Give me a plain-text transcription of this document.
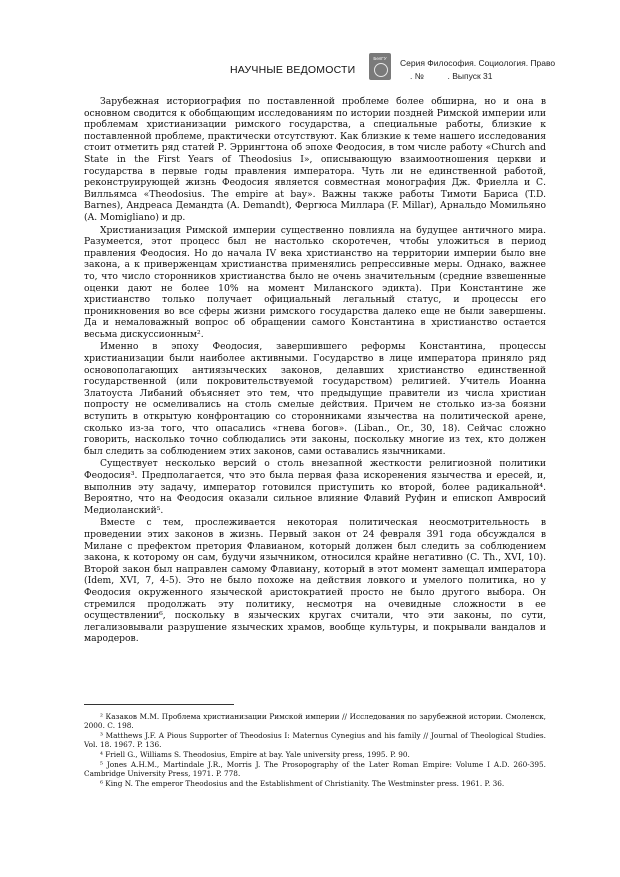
НАУЧНЫЕ ВЕДОМОСТИ
БелГУ	Серия Философия. Социология. Право
. №	. Выпуск 31

Зарубежная историография по поставленной проблеме более обширна, но и она в основном сводится к обобщающим исследованиям по истории поздней Римской империи или проблемам христианизации римского государства, а специальные работы, близкие к поставленной проблеме, практически отсутствуют. Как близкие к теме нашего исследования стоит отметить ряд статей Р. Эррингтона об эпохе Феодосия, в том числе работу «Church and State in the First Years of Theodosius I», описывающую взаимоотношения церкви и государства в первые годы правления императора. Чуть ли не единственной работой, реконструирующей жизнь Феодосия является совместная монография Дж. Фриелла и С. Вилльямса «Theodosius. The empire at bay». Важны также работы Тимоти Бариса (T.D. Barnes), Андреаса Демандта (A. Demandt), Фергюса Миллара (F. Millar), Арнальдо Момильяно (A. Momigliano) и др.

Христианизация Римской империи существенно повлияла на будущее античного мира. Разумеется, этот процесс был не настолько скоротечен, чтобы уложиться в период правления Феодосия. Но до начала IV века христианство на территории империи было вне закона, а к приверженцам христианства применялись репрессивные меры. Однако, важнее то, что число сторонников христианства было не очень значительным (средние взвешенные оценки дают не более 10% на момент Миланского эдикта). При Константине же христианство только получает официальный легальный статус, и процессы его проникновения во все сферы жизни римского государства далеко еще не были завершены. Да и немаловажный вопрос об обращении самого Константина в христианство остается весьма дискуссионным².

Именно в эпоху Феодосия, завершившего реформы Константина, процессы христианизации были наиболее активными. Государство в лице императора приняло ряд основополагающих антиязыческих законов, делавших христианство единственной государственной (или покровительствуемой государством) религией. Учитель Иоанна Златоуста Либаний объясняет это тем, что предыдущие правители из числа христиан попросту не осмеливались на столь смелые действия. Причем не столько из-за боязни вступить в открытую конфронтацию со сторонниками язычества на политической арене, сколько из-за того, что опасались «гнева богов». (Liban., Or., 30, 18). Сейчас сложно говорить, насколько точно соблюдались эти законы, поскольку многие из тех, кто должен был следить за соблюдением этих законов, сами оставались язычниками.

Существует несколько версий о столь внезапной жесткости религиозной политики Феодосия³. Предполагается, что это была первая фаза искоренения язычества и ересей, и, выполнив эту задачу, император готовился приступить ко второй, более радикальной⁴. Вероятно, что на Феодосия оказали сильное влияние Флавий Руфин и епископ Амвросий Медиоланский⁵.

Вместе с тем, прослеживается некоторая политическая неосмотрительность в проведении этих законов в жизнь. Первый закон от 24 февраля 391 года обсуждался в Милане с префектом претория Флавианом, который должен был следить за соблюдением закона, к которому он сам, будучи язычником, относился крайне негативно (C. Th., XVI, 10). Второй закон был направлен самому Флавиану, который в этот момент замещал императора (Idem, XVI, 7, 4-5). Это не было похоже на действия ловкого и умелого политика, но у Феодосия окруженного языческой аристократией просто не было другого выбора. Он стремился продолжать эту политику, несмотря на очевидные сложности в ее осуществлении⁶, поскольку в языческих кругах считали, что эти законы, по сути, легализовывали разрушение языческих храмов, вообще культуры, и покрывали вандалов и мародеров.

² Казаков М.М. Проблема христианизации Римской империи // Исследования по зарубежной истории. Смоленск, 2000. С. 198.

³ Matthews J.F. A Pious Supporter of Theodosius I: Maternus Cynegius and his family // Journal of Theological Studies. Vol. 18. 1967. P. 136.

⁴ Friell G., Williams S. Theodosius, Empire at bay. Yale university press, 1995. P. 90.

⁵ Jones A.H.M., Martindale J.R., Morris J. The Prosopography of the Later Roman Empire: Volume I A.D. 260-395. Cambridge University Press, 1971. P. 778.

⁶ King N. The emperor Theodosius and the Establishment of Christianity. The Westminster press. 1961. P. 36.
